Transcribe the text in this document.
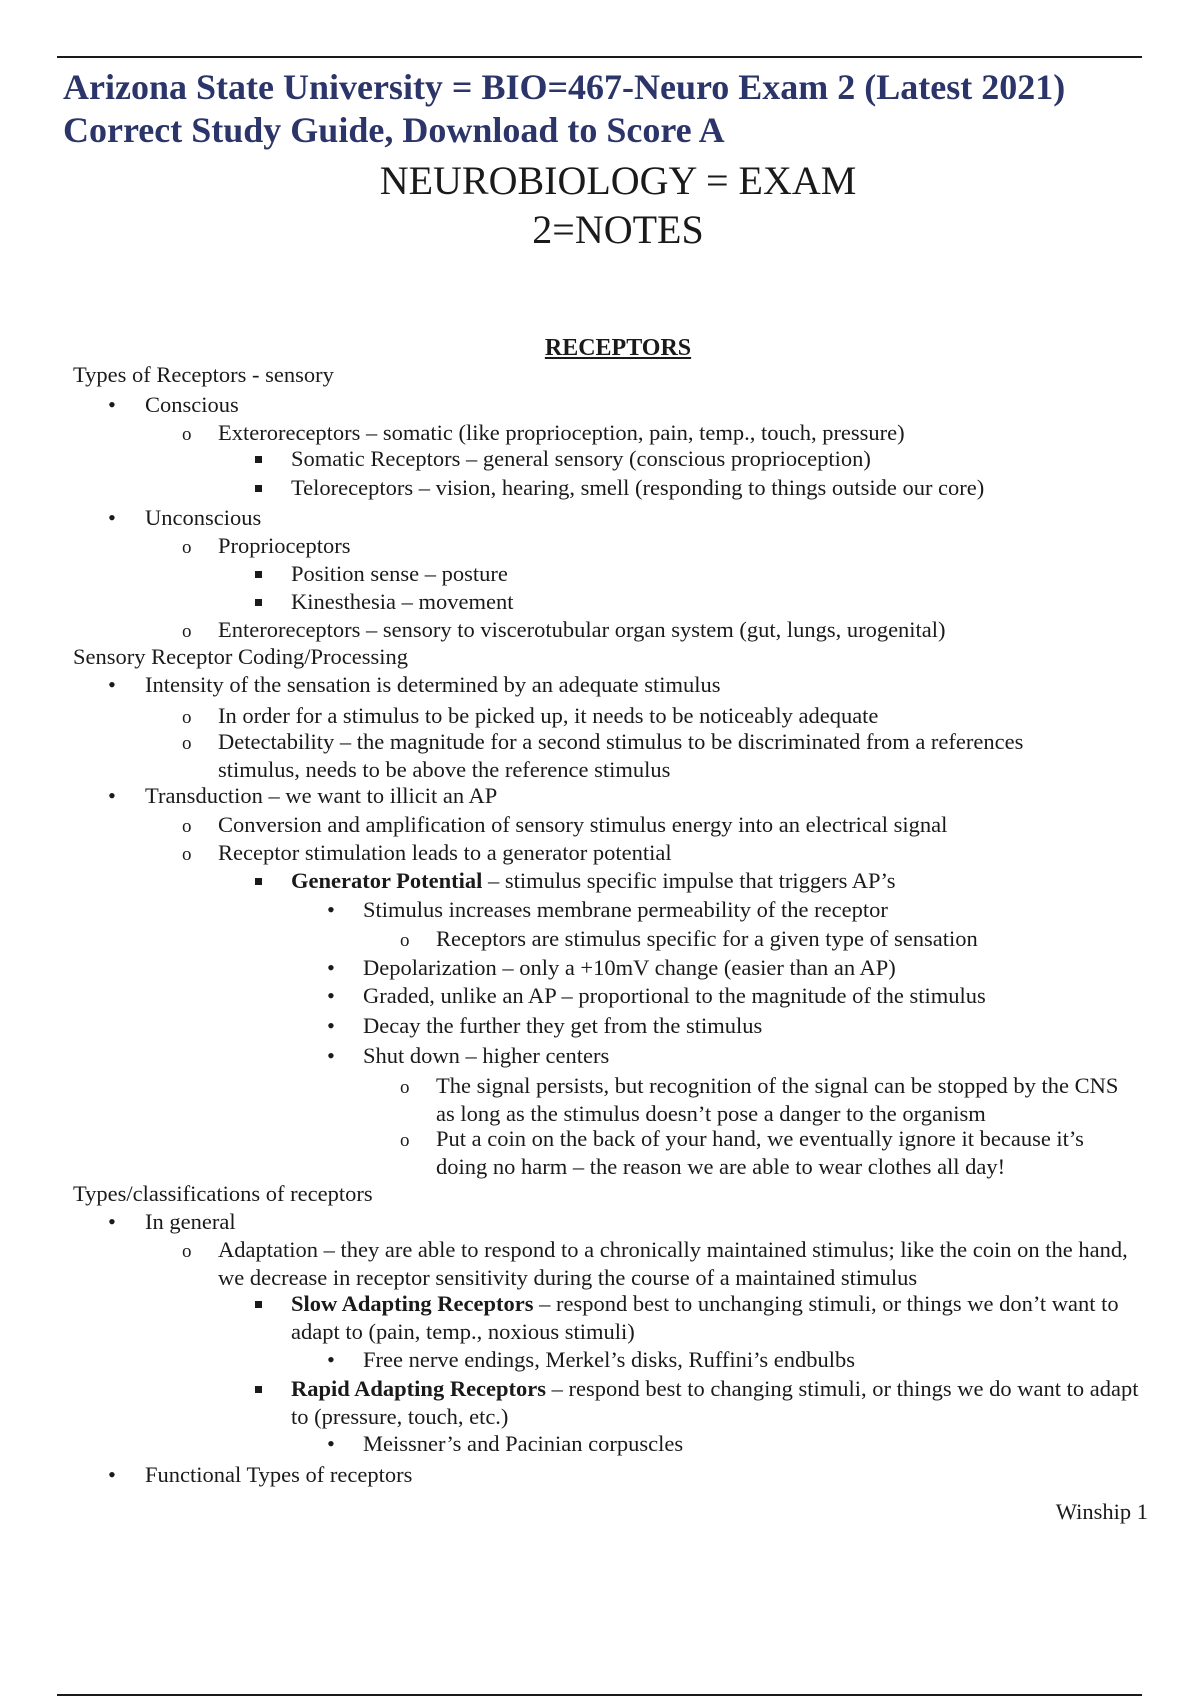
Arizona State University = BIO=467-Neuro Exam 2 (Latest 2021) Correct Study Guide, Download to Score A
NEUROBIOLOGY = EXAM
2=NOTES
RECEPTORS
Types of Receptors - sensory
•
Conscious
o
Exteroreceptors – somatic (like proprioception, pain, temp., touch, pressure)
Somatic Receptors – general sensory (conscious proprioception)
Teloreceptors – vision, hearing, smell (responding to things outside our core)
•
Unconscious
o
Proprioceptors
Position sense – posture
Kinesthesia – movement
o
Enteroreceptors – sensory to viscerotubular organ system (gut, lungs, urogenital)
Sensory Receptor Coding/Processing
•
Intensity of the sensation is determined by an adequate stimulus
o
In order for a stimulus to be picked up, it needs to be noticeably adequate
o
Detectability – the magnitude for a second stimulus to be discriminated from a references stimulus, needs to be above the reference stimulus
•
Transduction – we want to illicit an AP
o
Conversion and amplification of sensory stimulus energy into an electrical signal
o
Receptor stimulation leads to a generator potential
Generator Potential – stimulus specific impulse that triggers AP’s
•
Stimulus increases membrane permeability of the receptor
o
Receptors are stimulus specific for a given type of sensation
•
Depolarization – only a +10mV change (easier than an AP)
•
Graded, unlike an AP – proportional to the magnitude of the stimulus
•
Decay the further they get from the stimulus
•
Shut down – higher centers
o
The signal persists, but recognition of the signal can be stopped by the CNS as long as the stimulus doesn’t pose a danger to the organism
o
Put a coin on the back of your hand, we eventually ignore it because it’s doing no harm – the reason we are able to wear clothes all day!
Types/classifications of receptors
•
In general
o
Adaptation – they are able to respond to a chronically maintained stimulus; like the coin on the hand, we decrease in receptor sensitivity during the course of a maintained stimulus
Slow Adapting Receptors – respond best to unchanging stimuli, or things we don’t want to adapt to (pain, temp., noxious stimuli)
•
Free nerve endings, Merkel’s disks, Ruffini’s endbulbs
Rapid Adapting Receptors – respond best to changing stimuli, or things we do want to adapt to (pressure, touch, etc.)
•
Meissner’s and Pacinian corpuscles
•
Functional Types of receptors
Winship 1
